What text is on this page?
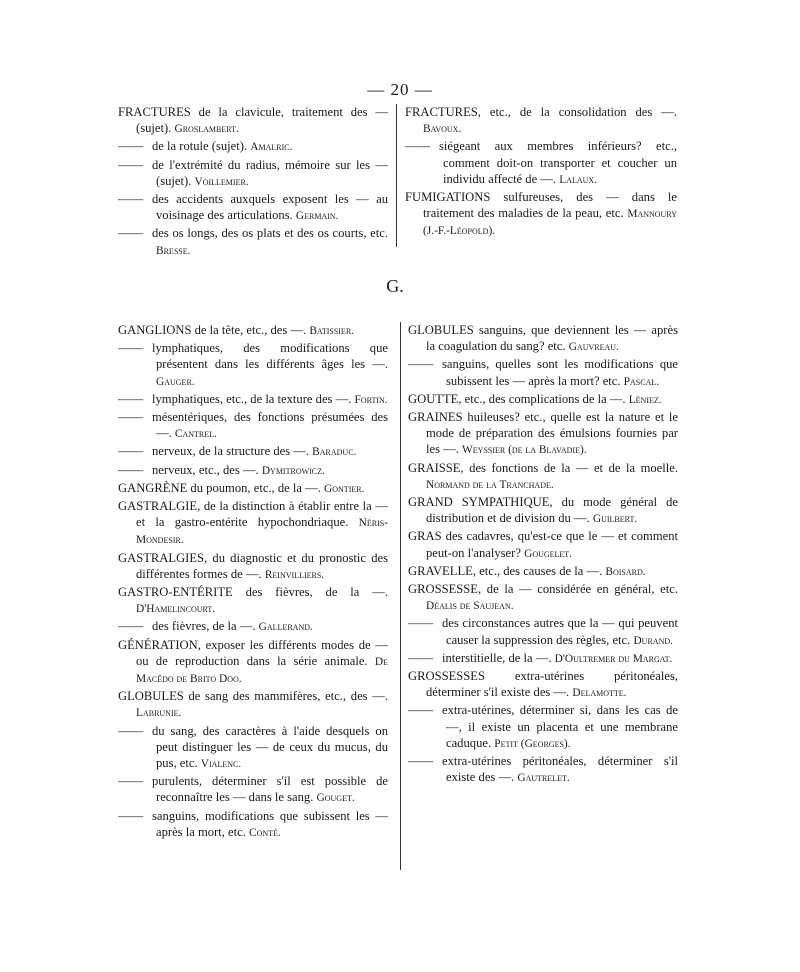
— 20 —

FRACTURES de la clavicule, traitement des — (sujet). Groslambert.

—— de la rotule (sujet). Amalric.

—— de l'extrémité du radius, mémoire sur les — (sujet). Voillemier.

—— des accidents auxquels exposent les — au voisinage des articulations. Germain.

—— des os longs, des os plats et des os courts, etc. Bresse.

FRACTURES, etc., de la consolidation des —. Bavoux.

—— siégeant aux membres inférieurs? etc., comment doit-on transporter et coucher un individu affecté de —. Lalaux.

FUMIGATIONS sulfureuses, des — dans le traitement des maladies de la peau, etc. Mannoury (J.-F.-Léopold).

G.

GANGLIONS de la tête, etc., des —. Batissier.

—— lymphatiques, des modifications que présentent dans les différents âges les —. Gauger.

—— lymphatiques, etc., de la texture des —. Fortin.

—— mésentériques, des fonctions présumées des —. Cantrel.

—— nerveux, de la structure des —. Baraduc.

—— nerveux, etc., des —. Dymitrowicz.

GANGRÈNE du poumon, etc., de la —. Gontier.

GASTRALGIE, de la distinction à établir entre la — et la gastro-entérite hypochondriaque. Néris-Mondesir.

GASTRALGIES, du diagnostic et du pronostic des différentes formes de —. Reinvilliers.

GASTRO-ENTÉRITE des fièvres, de la —. D'Hamelincourt.

—— des fièvres, de la —. Gallerand.

GÉNÉRATION, exposer les différents modes de — ou de reproduction dans la série animale. De Macêdo de Brito Doo.

GLOBULES de sang des mammifères, etc., des —. Labrunie.

—— du sang, des caractères à l'aide desquels on peut distinguer les — de ceux du mucus, du pus, etc. Vialenc.

—— purulents, déterminer s'il est possible de reconnaître les — dans le sang. Gouget.

—— sanguins, modifications que subissent les — après la mort, etc. Conté.

GLOBULES sanguins, que deviennent les — après la coagulation du sang? etc. Gauvreau.

—— sanguins, quelles sont les modifications que subissent les — après la mort? etc. Pascal.

GOUTTE, etc., des complications de la —. Léniez.

GRAINES huileuses? etc., quelle est la nature et le mode de préparation des émulsions fournies par les —. Weyssier (de la Blavadie).

GRAISSE, des fonctions de la — et de la moelle. Normand de la Tranchade.

GRAND SYMPATHIQUE, du mode général de distribution et de division du —. Guilbert.

GRAS des cadavres, qu'est-ce que le — et comment peut-on l'analyser? Gougelet.

GRAVELLE, etc., des causes de la —. Boisard.

GROSSESSE, de la — considérée en général, etc. Déalis de Saujean.

—— des circonstances autres que la — qui peuvent causer la suppression des règles, etc. Durand.

—— interstitielle, de la —. D'Oultremer du Margat.

GROSSESSES extra-utérines péritonéales, déterminer s'il existe des —. Delamotte.

—— extra-utérines, déterminer si, dans les cas de —, il existe un placenta et une membrane caduque. Petit (Georges).

—— extra-utérines péritonéales, déterminer s'il existe des —. Gautrelet.
